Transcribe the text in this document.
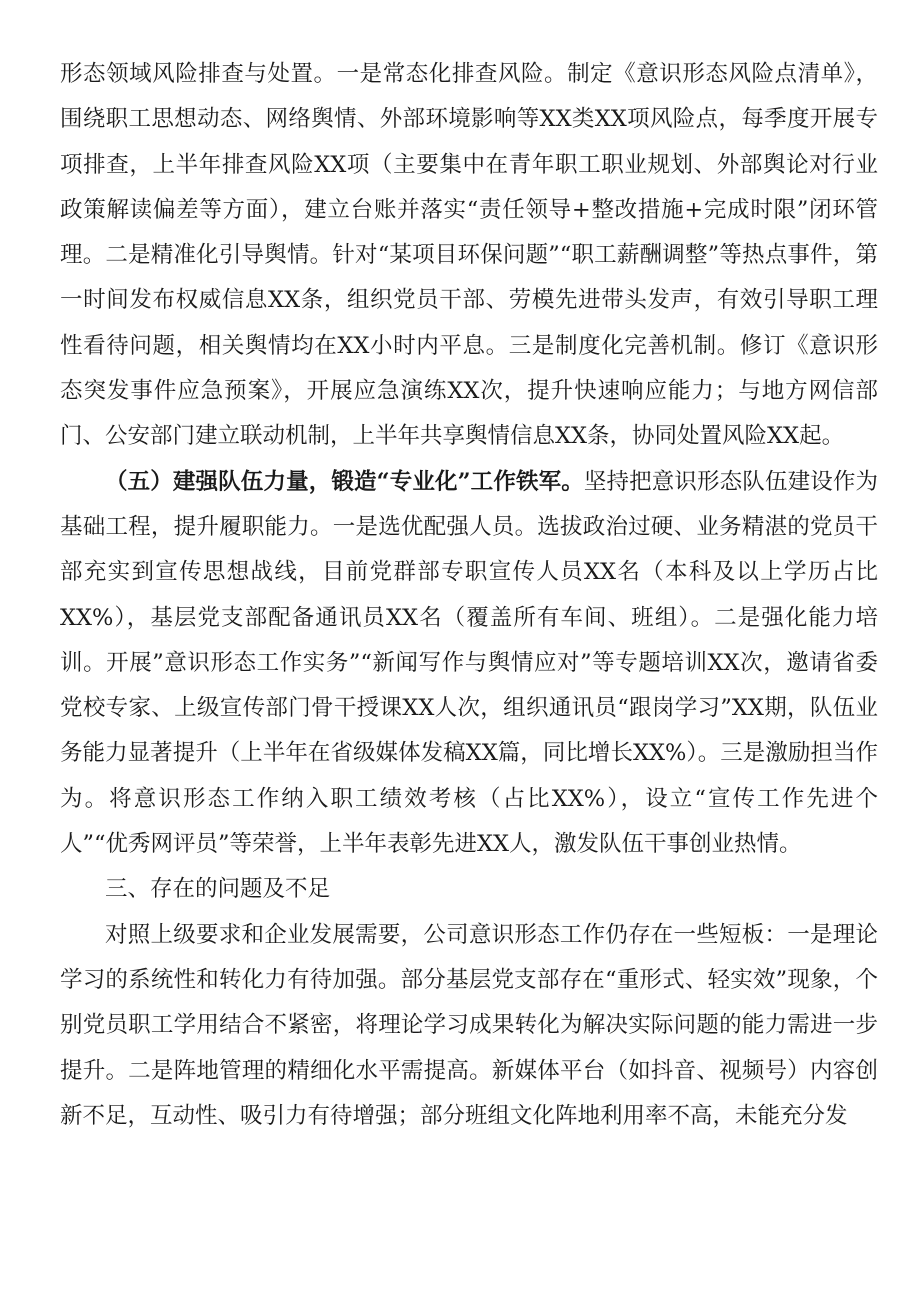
形态领域风险排查与处置。一是常态化排查风险。制定《意识形态风险点清单》，围绕职工思想动态、网络舆情、外部环境影响等XX类XX项风险点，每季度开展专项排查，上半年排查风险XX项（主要集中在青年职工职业规划、外部舆论对行业政策解读偏差等方面），建立台账并落实“责任领导+整改措施+完成时限”闭环管理。二是精准化引导舆情。针对“某项目环保问题”“职工薪酬调整”等热点事件，第一时间发布权威信息XX条，组织党员干部、劳模先进带头发声，有效引导职工理性看待问题，相关舆情均在XX小时内平息。三是制度化完善机制。修订《意识形态突发事件应急预案》，开展应急演练XX次，提升快速响应能力；与地方网信部门、公安部门建立联动机制，上半年共享舆情信息XX条，协同处置风险XX起。

（五）建强队伍力量，锻造“专业化”工作铁军。坚持把意识形态队伍建设作为基础工程，提升履职能力。一是选优配强人员。选拔政治过硬、业务精湛的党员干部充实到宣传思想战线，目前党群部专职宣传人员XX名（本科及以上学历占比XX%），基层党支部配备通讯员XX名（覆盖所有车间、班组）。二是强化能力培训。开展”意识形态工作实务”“新闻写作与舆情应对”等专题培训XX次，邀请省委党校专家、上级宣传部门骨干授课XX人次，组织通讯员“跟岗学习”XX期，队伍业务能力显著提升（上半年在省级媒体发稿XX篇，同比增长XX%）。三是激励担当作为。将意识形态工作纳入职工绩效考核（占比XX%），设立“宣传工作先进个人”“优秀网评员”等荣誉，上半年表彰先进XX人，激发队伍干事创业热情。

三、存在的问题及不足

对照上级要求和企业发展需要，公司意识形态工作仍存在一些短板：一是理论学习的系统性和转化力有待加强。部分基层党支部存在“重形式、轻实效”现象，个别党员职工学用结合不紧密，将理论学习成果转化为解决实际问题的能力需进一步提升。二是阵地管理的精细化水平需提高。新媒体平台（如抖音、视频号）内容创新不足，互动性、吸引力有待增强；部分班组文化阵地利用率不高，未能充分发
